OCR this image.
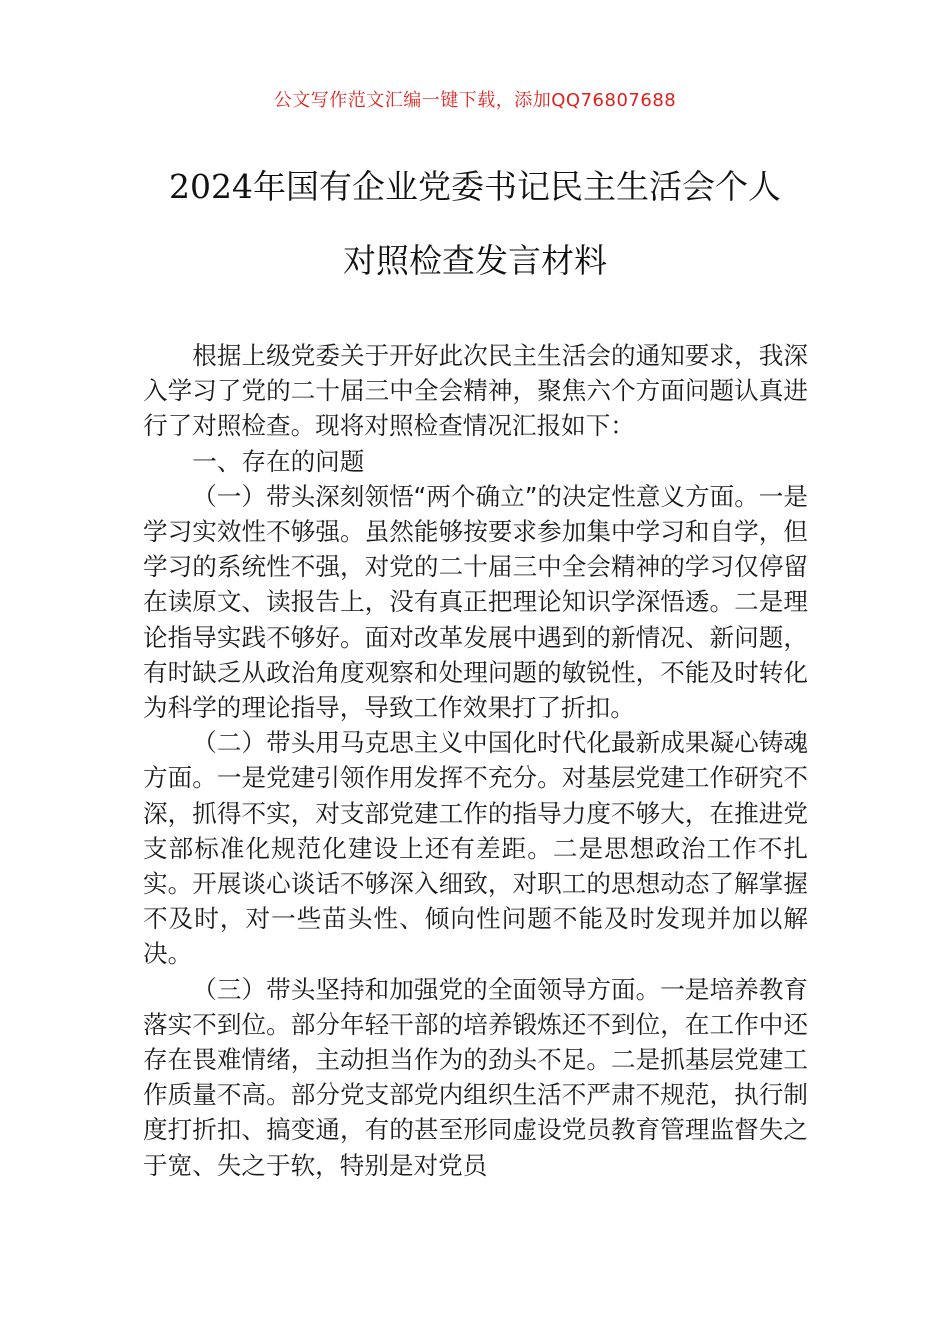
公文写作范文汇编一键下载，添加QQ76807688
2024年国有企业党委书记民主生活会个人
对照检查发言材料

根据上级党委关于开好此次民主生活会的通知要求，我深入学习了党的二十届三中全会精神，聚焦六个方面问题认真进行了对照检查。现将对照检查情况汇报如下：

一、存在的问题

（一）带头深刻领悟“两个确立”的决定性意义方面。一是学习实效性不够强。虽然能够按要求参加集中学习和自学，但学习的系统性不强，对党的二十届三中全会精神的学习仅停留在读原文、读报告上，没有真正把理论知识学深悟透。二是理论指导实践不够好。面对改革发展中遇到的新情况、新问题，有时缺乏从政治角度观察和处理问题的敏锐性，不能及时转化为科学的理论指导，导致工作效果打了折扣。

（二）带头用马克思主义中国化时代化最新成果凝心铸魂方面。一是党建引领作用发挥不充分。对基层党建工作研究不深，抓得不实，对支部党建工作的指导力度不够大，在推进党支部标准化规范化建设上还有差距。二是思想政治工作不扎实。开展谈心谈话不够深入细致，对职工的思想动态了解掌握不及时，对一些苗头性、倾向性问题不能及时发现并加以解决。

（三）带头坚持和加强党的全面领导方面。一是培养教育落实不到位。部分年轻干部的培养锻炼还不到位，在工作中还存在畏难情绪，主动担当作为的劲头不足。二是抓基层党建工作质量不高。部分党支部党内组织生活不严肃不规范，执行制度打折扣、搞变通，有的甚至形同虚设党员教育管理监督失之于宽、失之于软，特别是对党员
